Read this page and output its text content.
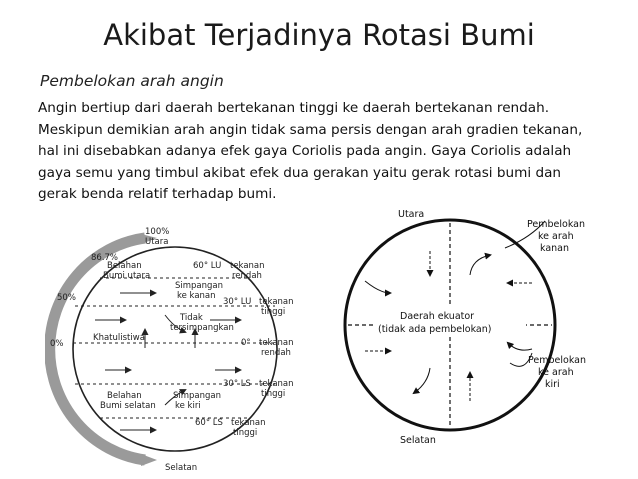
Akibat Terjadinya Rotasi Bumi
Pembelokan arah angin
Angin bertiup dari daerah bertekanan tinggi ke daerah bertekanan rendah.
Meskipun demikian arah angin tidak sama persis dengan arah gradien tekanan,
hal ini disebabkan adanya efek gaya Coriolis pada angin. Gaya Coriolis adalah
gaya semu yang timbul akibat efek dua gerakan yaitu gerak rotasi bumi dan
gerak benda relatif terhadap bumi.
100%
Utara
86.7%
50%
0%
Selatan
Belahan
Bumi utara
Simpangan
ke kanan
Khatulistiwa
Tidak
tersimpangkan
Belahan
Bumi selatan
Simpangan
ke kiri
60° LU tekanan
rendah
30° LU tekanan
tinggi
0° tekanan
rendah
30° LS tekanan
tinggi
60° LS tekanan
tinggi
Utara
Selatan
Pembelokan
ke arah
kanan
Pembelokan
ke arah
kiri
Daerah ekuator
(tidak ada pembelokan)
